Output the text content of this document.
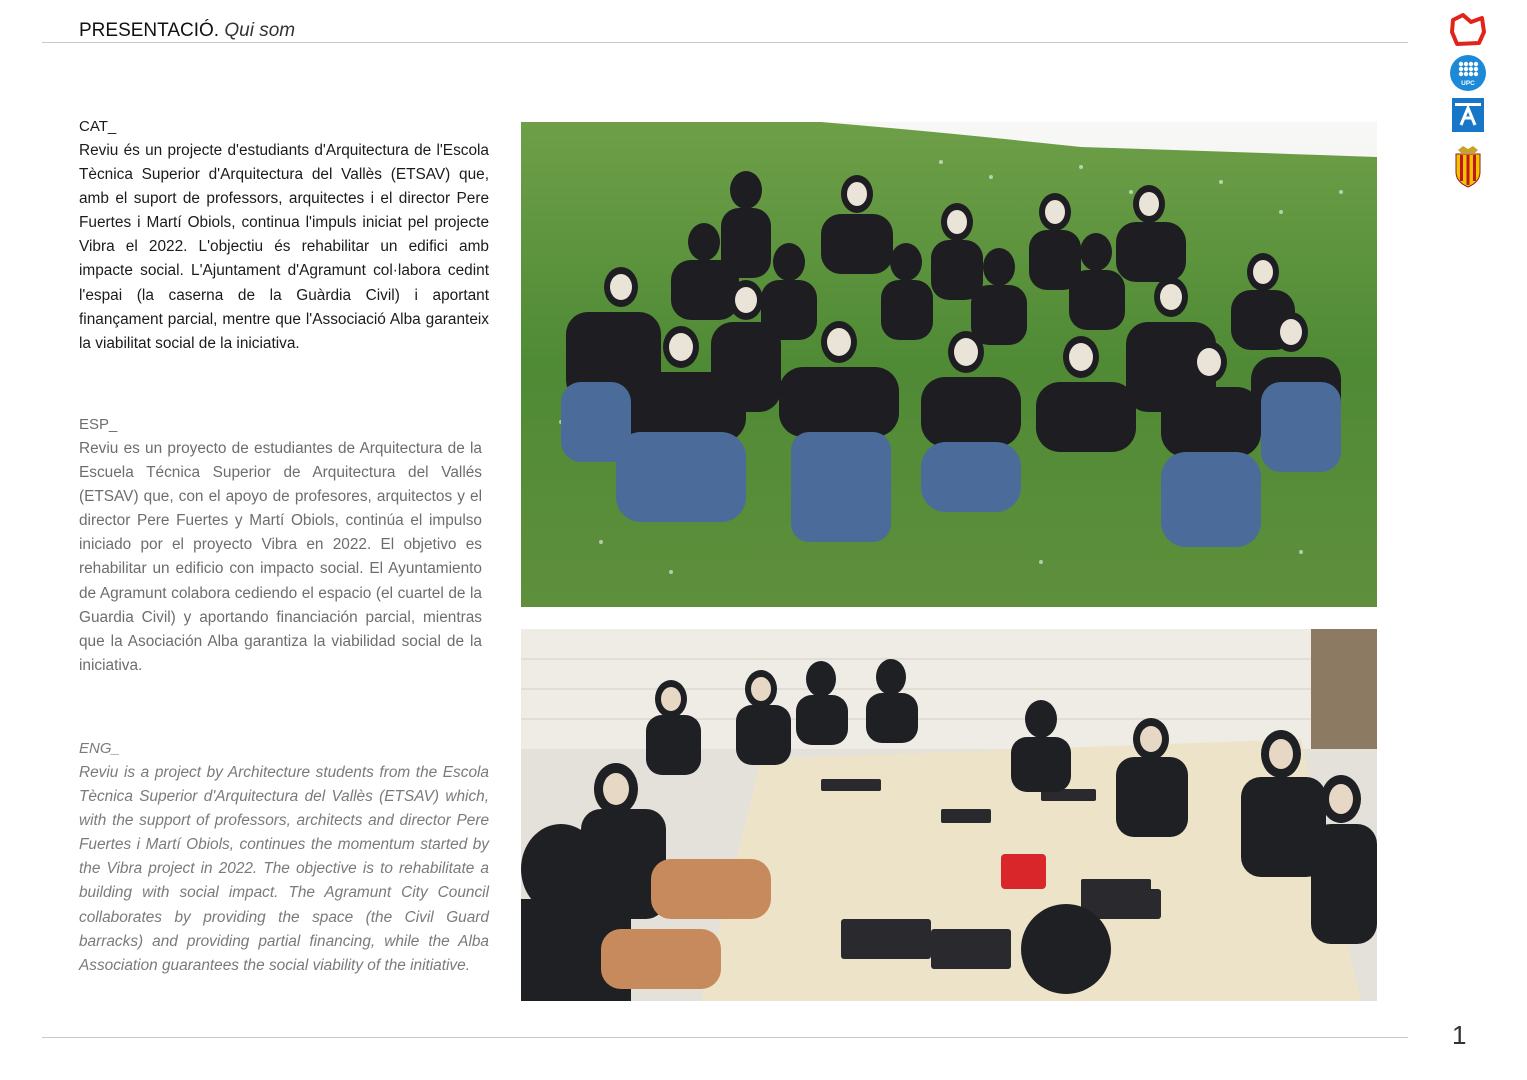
PRESENTACIÓ. Qui som
CAT_

Reviu és un projecte d'estudiants d'Arquitectura de l'Escola Tècnica Superior d'Arquitectura del Vallès (ETSAV) que, amb el suport de professors, arquitectes i el director Pere Fuertes i Martí Obiols, continua l'impuls iniciat pel projecte Vibra el 2022. L'objectiu és rehabilitar un edifici amb impacte social. L'Ajuntament d'Agramunt col·labora cedint l'espai (la caserna de la Guàrdia Civil) i aportant finançament parcial, mentre que l'Associació Alba garanteix la viabilitat social de la iniciativa.

ESP_

Reviu es un proyecto de estudiantes de Arquitectura de la Escuela Técnica Superior de Arquitectura del Vallés (ETSAV) que, con el apoyo de profesores, arquitectos y el director Pere Fuertes y Martí Obiols, continúa el impulso iniciado por el proyecto Vibra en 2022. El objetivo es rehabilitar un edificio con impacto social. El Ayuntamiento de Agramunt colabora cediendo el espacio (el cuartel de la Guardia Civil) y aportando financiación parcial, mientras que la Asociación Alba garantiza la viabilidad social de la iniciativa.

ENG_

Reviu is a project by Architecture students from the Escola Tècnica Superior d'Arquitectura del Vallès (ETSAV) which, with the support of professors, architects and director Pere Fuertes i Martí Obiols, continues the momentum started by the Vibra project in 2022. The objective is to rehabilitate a building with social impact. The Agramunt City Council collaborates by providing the space (the Civil Guard barracks) and providing partial financing, while the Alba Association guarantees the social viability of the initiative.

UPC
1
